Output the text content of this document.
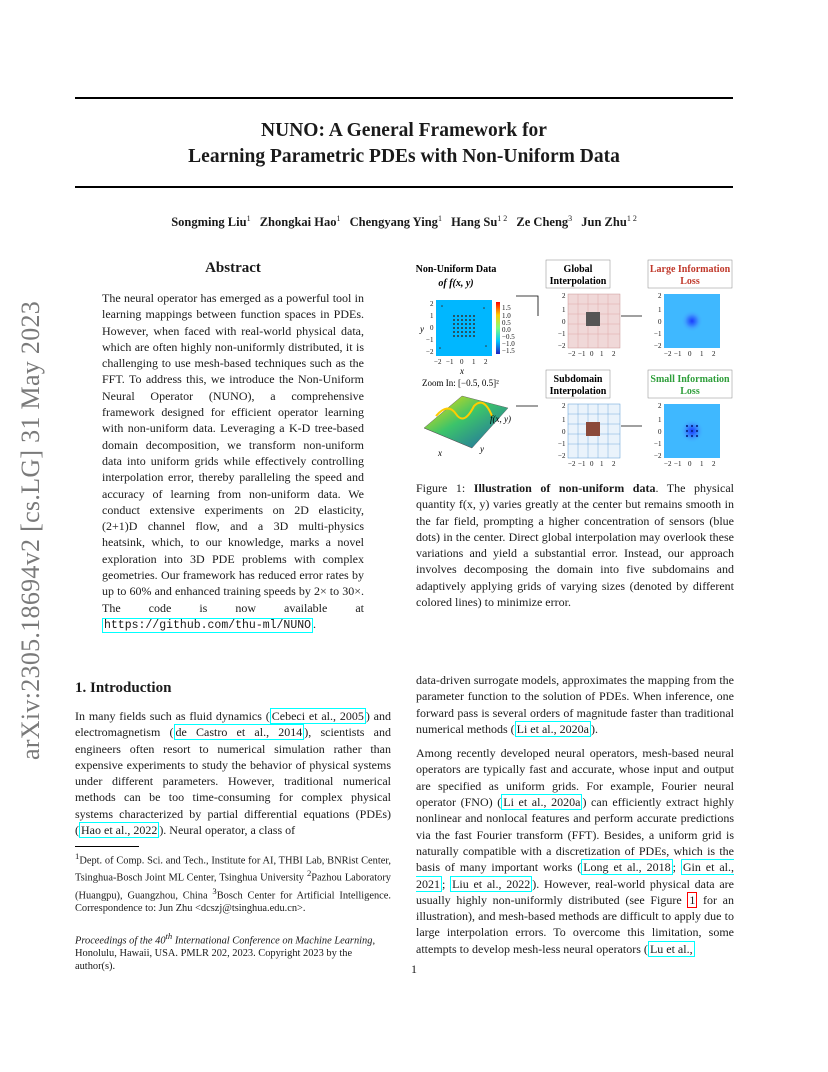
arXiv:2305.18694v2 [cs.LG] 31 May 2023
NUNO: A General Framework for
Learning Parametric PDEs with Non-Uniform Data
Songming Liu$^1$ Zhongkai Hao$^1$ Chengyang Ying$^1$ Hang $Su^{1 2}$ Ze Cheng$^3$ Jun Zhu$^{1 2}$
Abstract
The neural operator has emerged as a powerful tool in learning mappings between function spaces in PDEs. However, when faced with real-world physical data, which are often highly non-uniformly distributed, it is challenging to use mesh-based techniques such as the FFT. To address this, we introduce the Non-Uniform Neural Operator (NUNO), a comprehensive framework designed for efficient operator learning with non-uniform data. Leveraging a K-D tree-based domain decomposition, we transform non-uniform data into uniform grids while effectively controlling interpolation error, thereby paralleling the speed and accuracy of learning from non-uniform data. We conduct extensive experiments on 2D elasticity, (2+1)D channel flow, and a 3D multi-physics heatsink, which, to our knowledge, marks a novel exploration into 3D PDE problems with complex geometries. Our framework has reduced error rates by up to 60% and enhanced training speeds by 2× to 30×. The code is now available at https://github.com/thu-ml/NUNO .
Non-Uniform Data
of f(x, y)
1.5
1.0
0.5
0.0
−0.5
−1.0
−1.5
2
1
0
−1
−2
−2 −1 0 1 2
x
y
Zoom In: [−0.5, 0.5]²
f(x, y)
x	y
Global
Interpolation
2
1
0
−1
−2
−2 −1 0 1 2
Subdomain
Interpolation
2
1
0
−1
−2
−2 −1 0 1 2
Large Information
Loss
2
1
0
−1
−2
−2 −1 0 1 2
Small Information
Loss
2
1
0
−1
−2
−2 −1 0 1 2
Figure 1: Illustration of non-uniform data. The physical quantity f(x, y) varies greatly at the center but remains smooth in the far field, prompting a higher concentration of sensors (blue dots) in the center. Direct global interpolation may overlook these variations and yield a substantial error. Instead, our approach involves decomposing the domain into five subdomains and adaptively applying grids of varying sizes (denoted by different colored lines) to minimize error.
1. Introduction
In many fields such as fluid dynamics ( Cebeci et al., 2005 ) and electromagnetism ( de Castro et al., 2014 ), scientists and engineers often resort to numerical simulation rather than expensive experiments to study the behavior of physical systems under different parameters. However, traditional numerical methods can be too time-consuming for complex physical systems characterized by partial differential equations (PDEs) ( Hao et al., 2022 ). Neural operator, a class of
$^1$Dept. of Comp. Sci. and Tech., Institute for AI, THBI Lab, BNRist Center, Tsinghua-Bosch Joint ML Center, Tsinghua University $^2$Pazhou Laboratory (Huangpu), Guangzhou, China $^3$Bosch Center for Artificial Intelligence. Correspondence to: Jun Zhu <dcszj@tsinghua.edu.cn>.
Proceedings of the 40th International Conference on Machine Learning, Honolulu, Hawaii, USA. PMLR 202, 2023. Copyright 2023 by the author(s).

data-driven surrogate models, approximates the mapping from the parameter function to the solution of PDEs. When inference, one forward pass is several orders of magnitude faster than traditional numerical methods ( Li et al., 2020a ).

Among recently developed neural operators, mesh-based neural operators are typically fast and accurate, whose input and output are specified as uniform grids. For example, Fourier neural operator (FNO) ( Li et al., 2020a ) can efficiently extract highly nonlinear and nonlocal features and perform accurate predictions via the fast Fourier transform (FFT). Besides, a uniform grid is naturally compatible with a discretization of PDEs, which is the basis of many important works ( Long et al., 2018 ; Gin et al., 2021 ; Liu et al., 2022 ). However, real-world physical data are usually highly non-uniformly distributed (see Figure 1 for an illustration), and mesh-based methods are difficult to apply due to large interpolation errors. To overcome this limitation, some attempts to develop mesh-less neural operators ( Lu et al.,

1
